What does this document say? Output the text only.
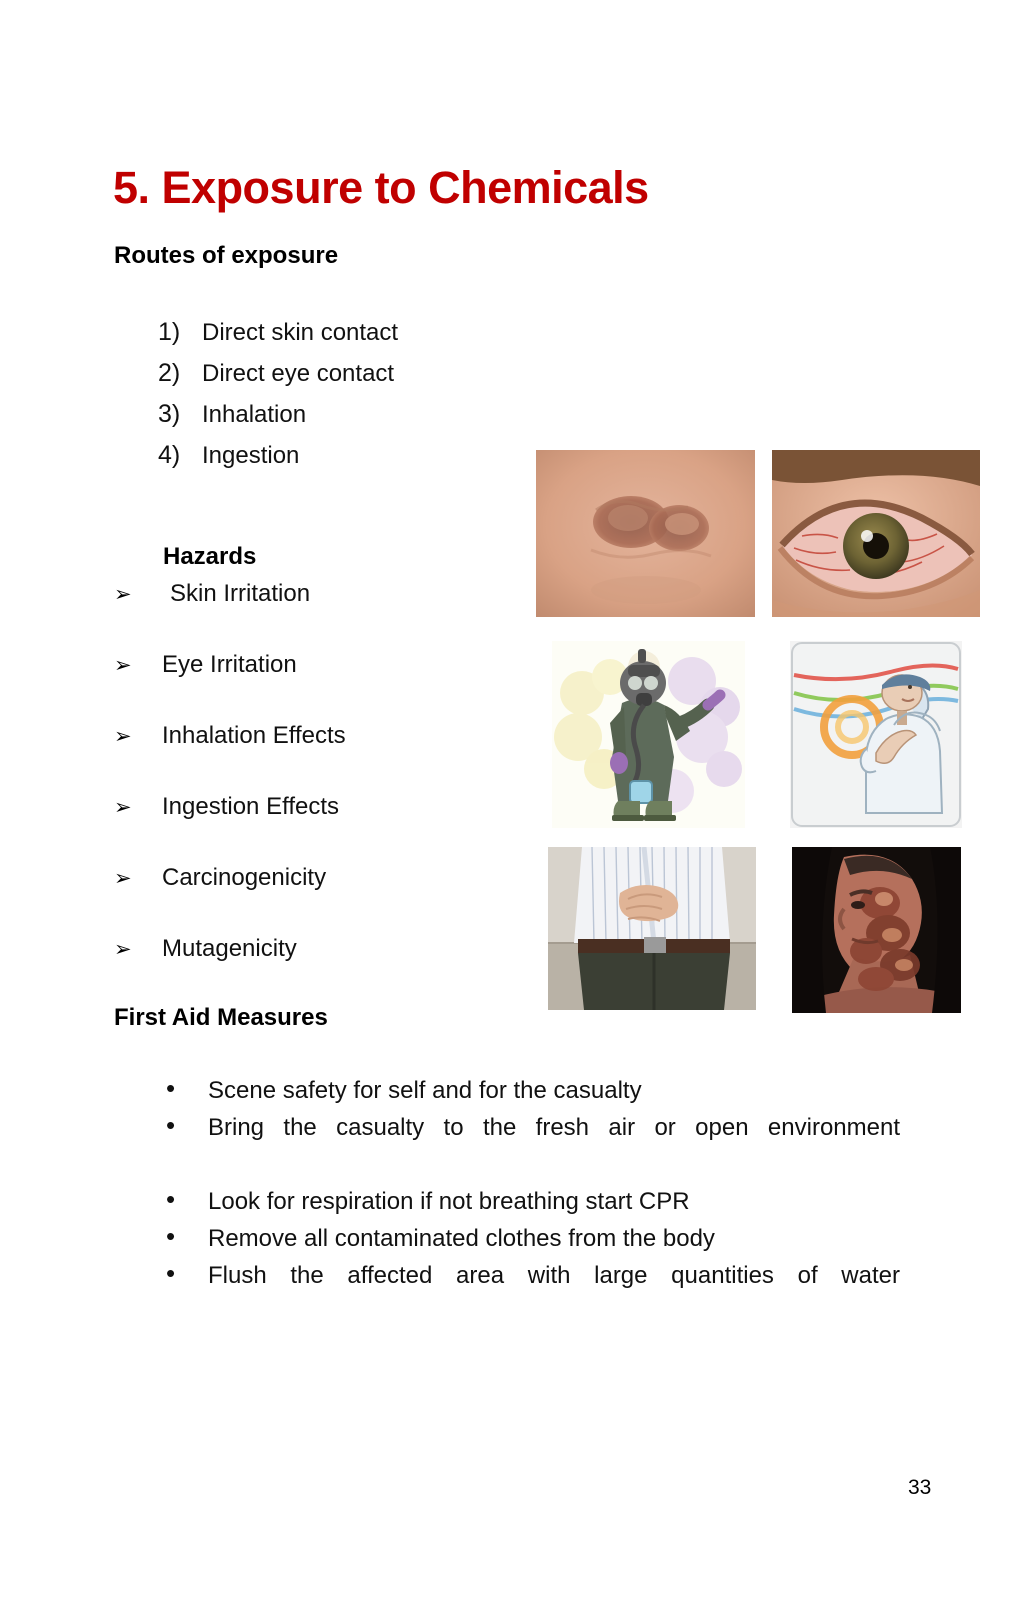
5. Exposure to Chemicals
Routes of exposure
1) Direct skin contact
2) Direct eye contact
3) Inhalation
4) Ingestion
Hazards
➢ Skin Irritation
➢ Eye Irritation
➢ Inhalation Effects
➢ Ingestion Effects
➢ Carcinogenicity
➢ Mutagenicity
First Aid Measures
• Scene safety for self and for the casualty
• Bring the casualty to the fresh air or open environment
• Look for respiration if not breathing start CPR
• Remove all contaminated clothes from the body
• Flush the affected area with large quantities of water
33
